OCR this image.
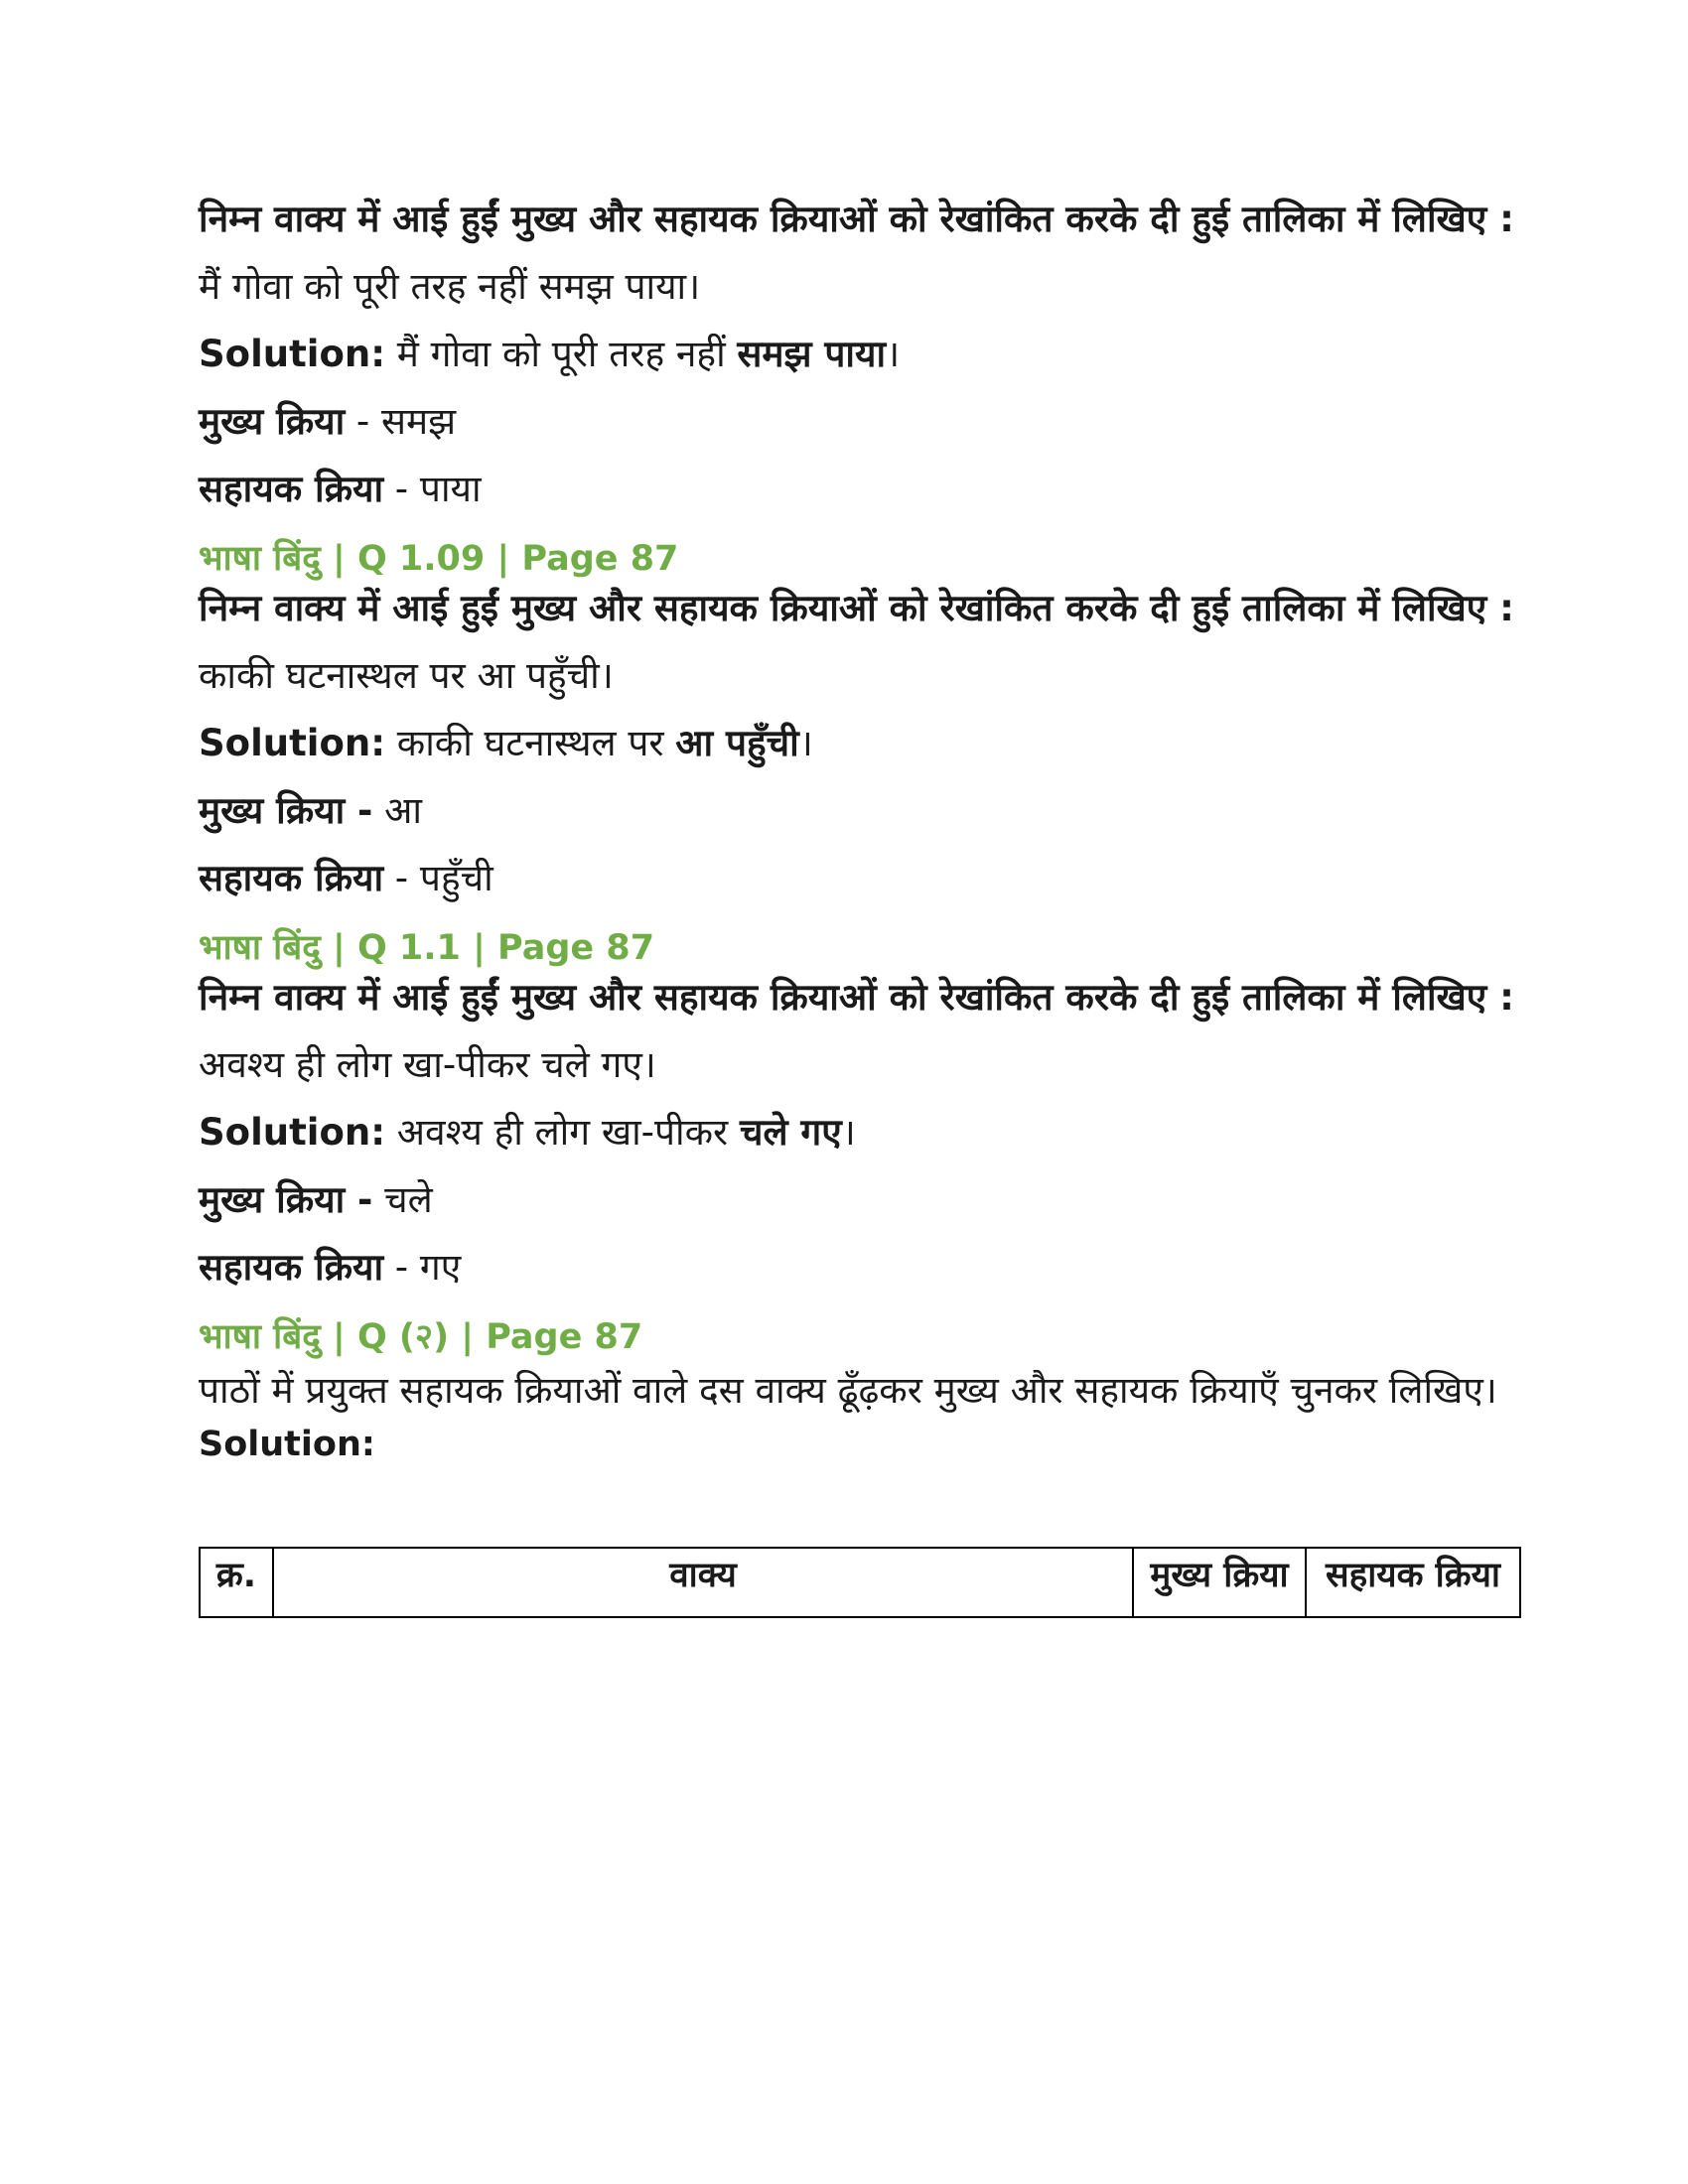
निम्न वाक्य में आई हुईं मुख्य और सहायक क्रियाओं को रेखांकित करके दी हुई तालिका में लिखिए :

मैं गोवा को पूरी तरह नहीं समझ पाया।
Solution: मैं गोवा को पूरी तरह नहीं समझ पाया।
मुख्य क्रिया - समझ
सहायक क्रिया - पाया
भाषा बिंदु | Q 1.09 | Page 87

निम्न वाक्य में आई हुईं मुख्य और सहायक क्रियाओं को रेखांकित करके दी हुई तालिका में लिखिए :

काकी घटनास्थल पर आ पहुँची।
Solution: काकी घटनास्थल पर आ पहुँची।
मुख्य क्रिया - आ
सहायक क्रिया - पहुँची
भाषा बिंदु | Q 1.1 | Page 87

निम्न वाक्य में आई हुईं मुख्य और सहायक क्रियाओं को रेखांकित करके दी हुई तालिका में लिखिए :

अवश्य ही लोग खा-पीकर चले गए।
Solution: अवश्य ही लोग खा-पीकर चले गए।
मुख्य क्रिया - चले
सहायक क्रिया - गए
भाषा बिंदु | Q (२) | Page 87
पाठों में प्रयुक्त सहायक क्रियाओं वाले दस वाक्य ढूँढ़कर मुख्य और सहायक क्रियाएँ चुनकर लिखिए।
Solution:
क्र.	वाक्य	मुख्य क्रिया	सहायक क्रिया
